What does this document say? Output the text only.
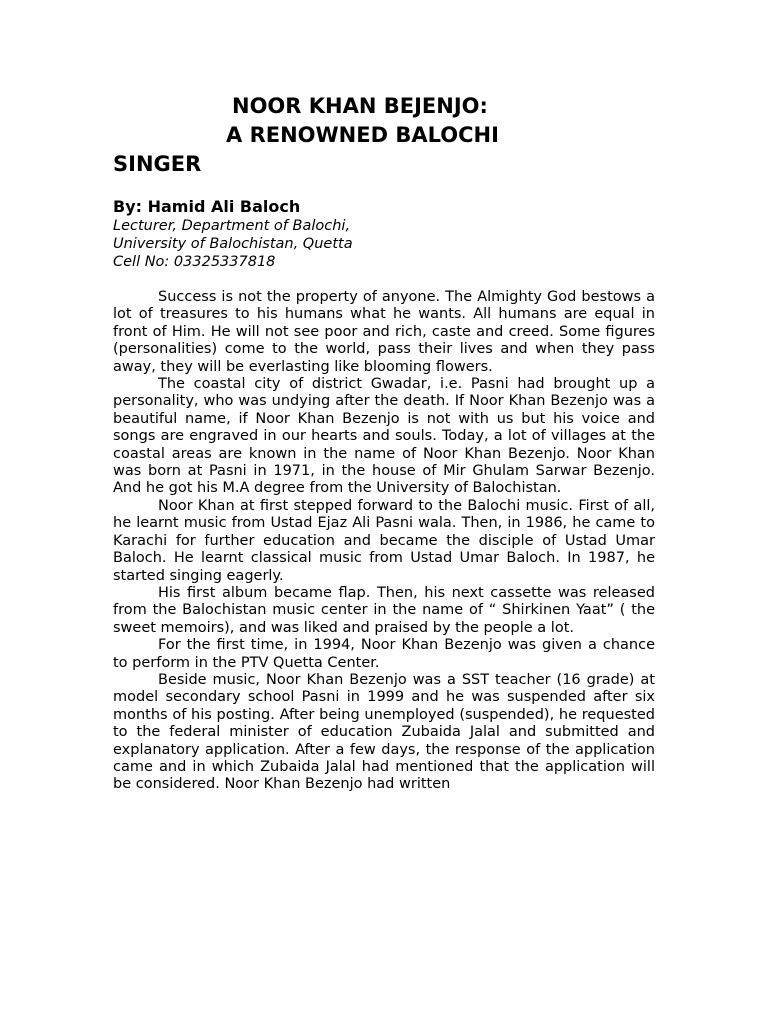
NOOR KHAN BEJENJO:

A RENOWNED BALOCHI

SINGER

By: Hamid Ali Baloch

Lecturer, Department of Balochi,

University of Balochistan, Quetta

Cell No: 03325337818

Success is not the property of anyone. The Almighty God bestows a lot of treasures to his humans what he wants. All humans are equal in front of Him. He will not see poor and rich, caste and creed. Some figures (personalities) come to the world, pass their lives and when they pass away, they will be everlasting like blooming flowers.

The coastal city of district Gwadar, i.e. Pasni had brought up a personality, who was undying after the death. If Noor Khan Bezenjo was a beautiful name, if Noor Khan Bezenjo is not with us but his voice and songs are engraved in our hearts and souls. Today, a lot of villages at the coastal areas are known in the name of Noor Khan Bezenjo. Noor Khan was born at Pasni in 1971, in the house of Mir Ghulam Sarwar Bezenjo. And he got his M.A degree from the University of Balochistan.

Noor Khan at first stepped forward to the Balochi music. First of all, he learnt music from Ustad Ejaz Ali Pasni wala. Then, in 1986, he came to Karachi for further education and became the disciple of Ustad Umar Baloch. He learnt classical music from Ustad Umar Baloch. In 1987, he started singing eagerly.

His first album became flap. Then, his next cassette was released from the Balochistan music center in the name of “ Shirkinen Yaat” ( the sweet memoirs), and was liked and praised by the people a lot.

For the first time, in 1994, Noor Khan Bezenjo was given a chance to perform in the PTV Quetta Center.

Beside music, Noor Khan Bezenjo was a SST teacher (16 grade) at model secondary school Pasni in 1999 and he was suspended after six months of his posting. After being unemployed (suspended), he requested to the federal minister of education Zubaida Jalal and submitted and explanatory application. After a few days, the response of the application came and in which Zubaida Jalal had mentioned that the application will be considered. Noor Khan Bezenjo had written
